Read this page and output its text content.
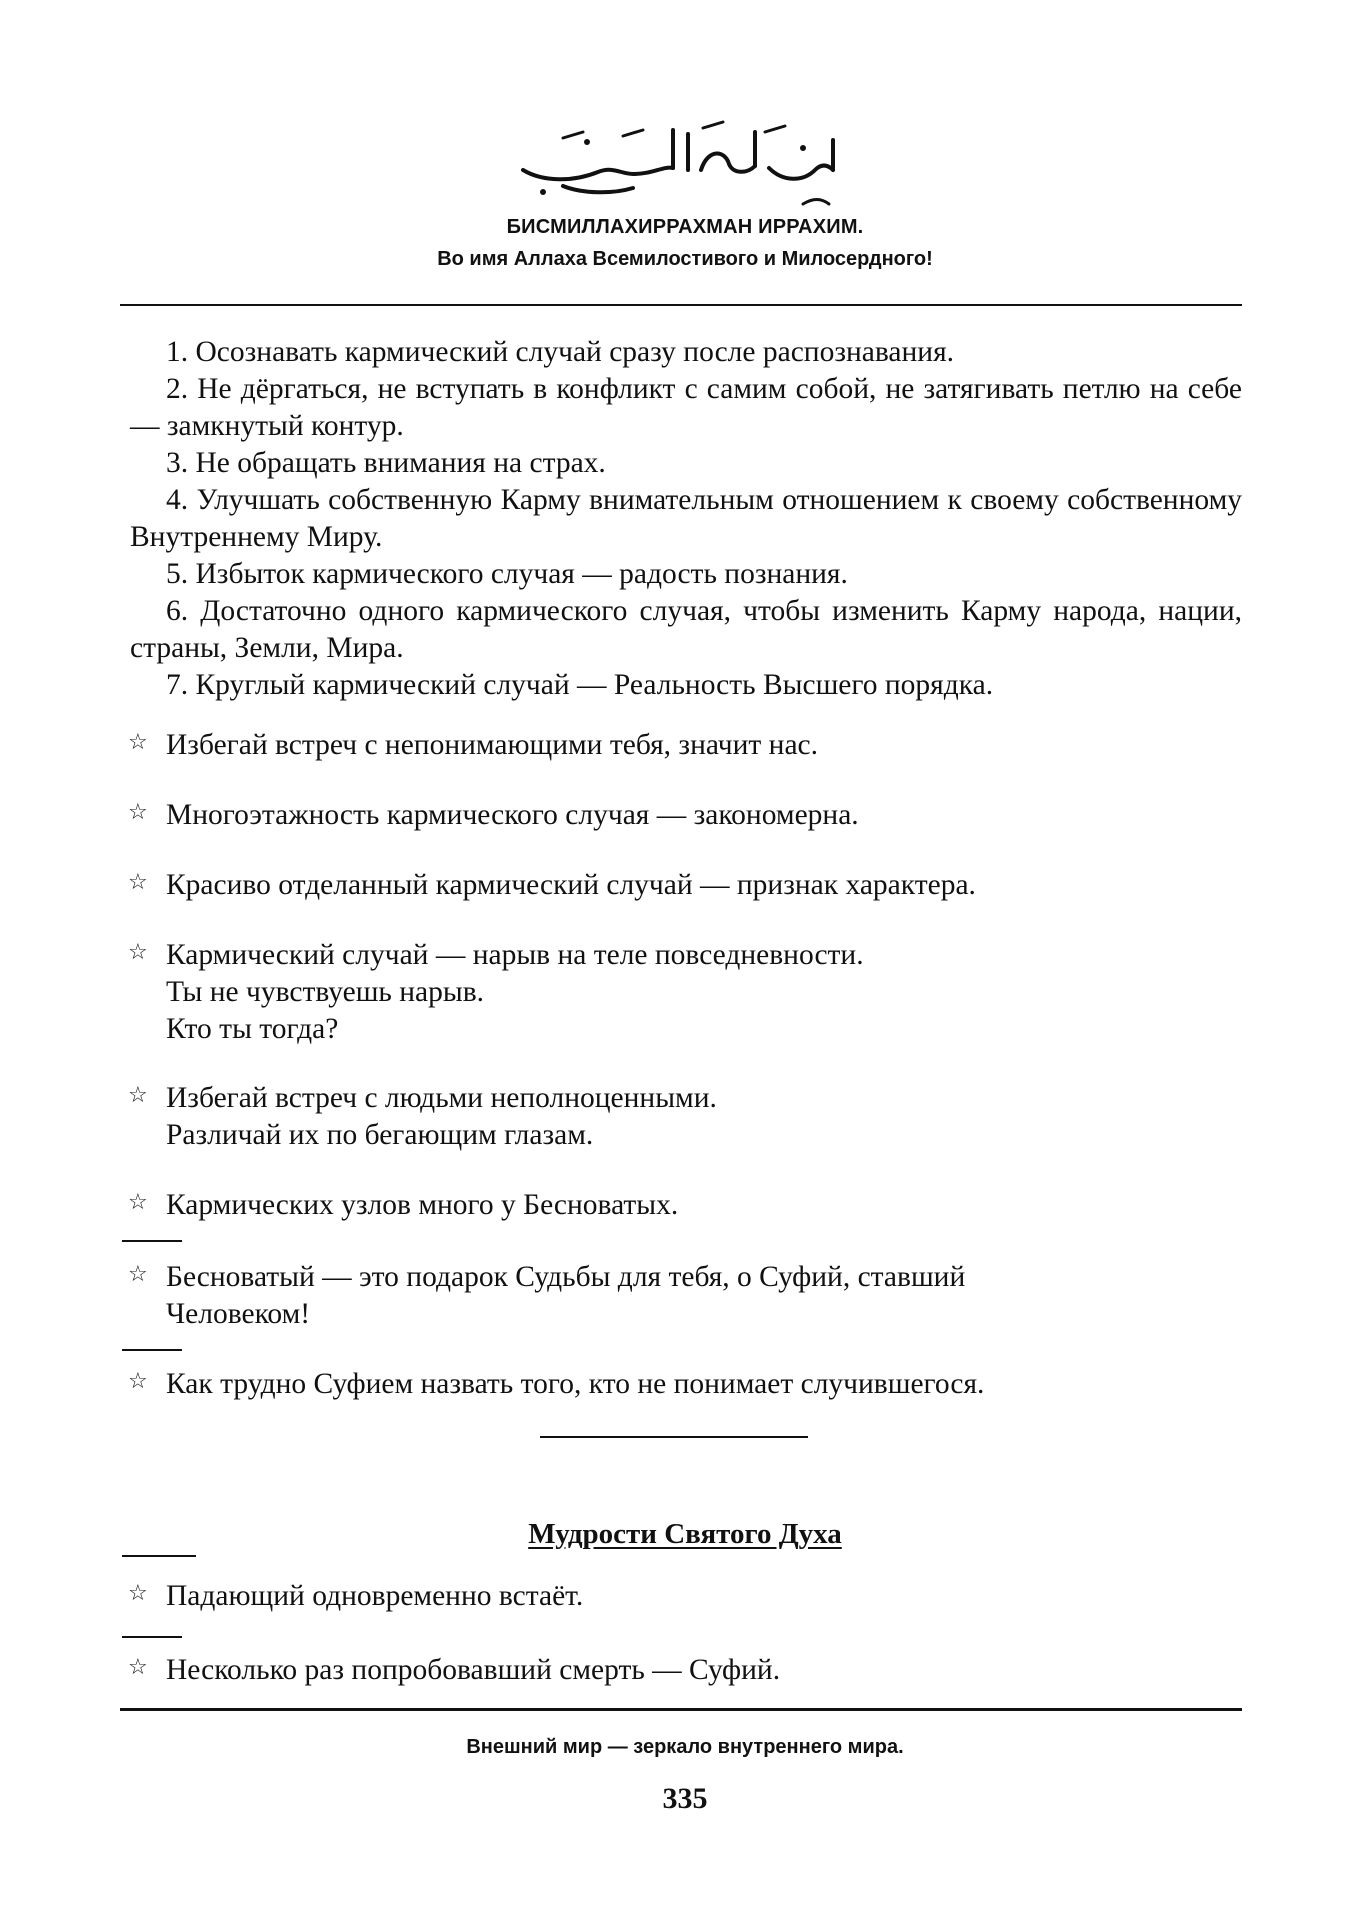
БИСМИЛЛАХИРРАХМАН ИРРАХИМ.
Во имя Аллаха Всемилостивого и Милосердного!

1. Осознавать кармический случай сразу после распознавания.

2. Не дёргаться, не вступать в конфликт с самим собой, не затягивать петлю на себе — замкнутый контур.

3. Не обращать внимания на страх.

4. Улучшать собственную Карму внимательным отношением к своему собственному Внутреннему Миру.

5. Избыток кармического случая — радость познания.

6. Достаточно одного кармического случая, чтобы изменить Карму народа, нации, страны, Земли, Мира.

7. Круглый кармический случай — Реальность Высшего порядка.

☆ Избегай встреч с непонимающими тебя, значит нас.
☆ Многоэтажность кармического случая — закономерна.
☆ Красиво отделанный кармический случай — признак характера.
☆ Кармический случай — нарыв на теле повседневности.
Ты не чувствуешь нарыв.
Кто ты тогда?
☆ Избегай встреч с людьми неполноценными.
Различай их по бегающим глазам.
☆ Кармических узлов много у Бесноватых.
☆ Бесноватый — это подарок Судьбы для тебя, о Суфий, ставший
Человеком!
☆ Как трудно Суфием назвать того, кто не понимает случившегося.
Мудрости Святого Духа
☆ Падающий одновременно встаёт.
☆ Несколько раз попробовавший смерть — Суфий.
Внешний мир — зеркало внутреннего мира.
335
